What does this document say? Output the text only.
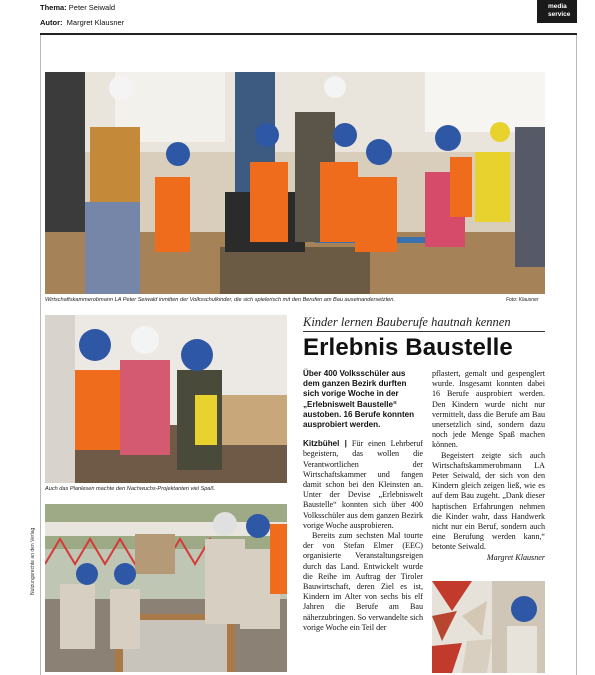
Thema: Peter Seiwald
Autor: Margret Klausner
media
service
Wirtschaftskammerobmann LA Peter Seiwald inmitten der Volksschulkinder, die sich spielerisch mit den Berufen am Bau auseinandersetzten.	Foto: Klausner
Auch das Planlesen machte den Nachwuchs-Projektanten viel Spaß.
Nutzungsrechte an den Verlag
Kinder lernen Bauberufe hautnah kennen
Erlebnis Baustelle

Über 400 Volksschüler aus dem ganzen Bezirk durften sich vorige Woche in der „Erlebniswelt Baustelle“ austoben. 16 Berufe konnten ausprobiert werden.

Kitzbühel | Für einen Lehrberuf begeistern, das wollen die Verantwortlichen der Wirtschaftskammer und fangen damit schon bei den Kleinsten an. Unter der Devise „Erlebniswelt Baustelle“ konnten sich über 400 Volksschüler aus dem ganzen Bezirk vorige Woche ausprobieren.

Bereits zum sechsten Mal tourte der von Stefan Elmer (EEC) organisierte Veranstaltungsreigen durch das Land. Entwickelt wurde die Reihe im Auftrag der Tiroler Bauwirtschaft, deren Ziel es ist, Kindern im Alter von sechs bis elf Jahren die Berufe am Bau näherzubringen. So verwandelte sich vorige Woche ein Teil der

pflastert, gemalt und gespenglert wurde. Insgesamt konnten dabei 16 Berufe ausprobiert werden. Den Kindern wurde nicht nur vermittelt, dass die Berufe am Bau unersetzlich sind, sondern dazu noch jede Menge Spaß machen können.

Begeistert zeigte sich auch Wirtschaftskammerobmann LA Peter Seiwald, der sich von den Kindern gleich zeigen ließ, wie es auf dem Bau zugeht. „Dank dieser haptischen Erfahrungen nehmen die Kinder wahr, dass Handwerk nicht nur ein Beruf, sondern auch eine Berufung werden kann,“ betonte Seiwald.

Margret Klausner
